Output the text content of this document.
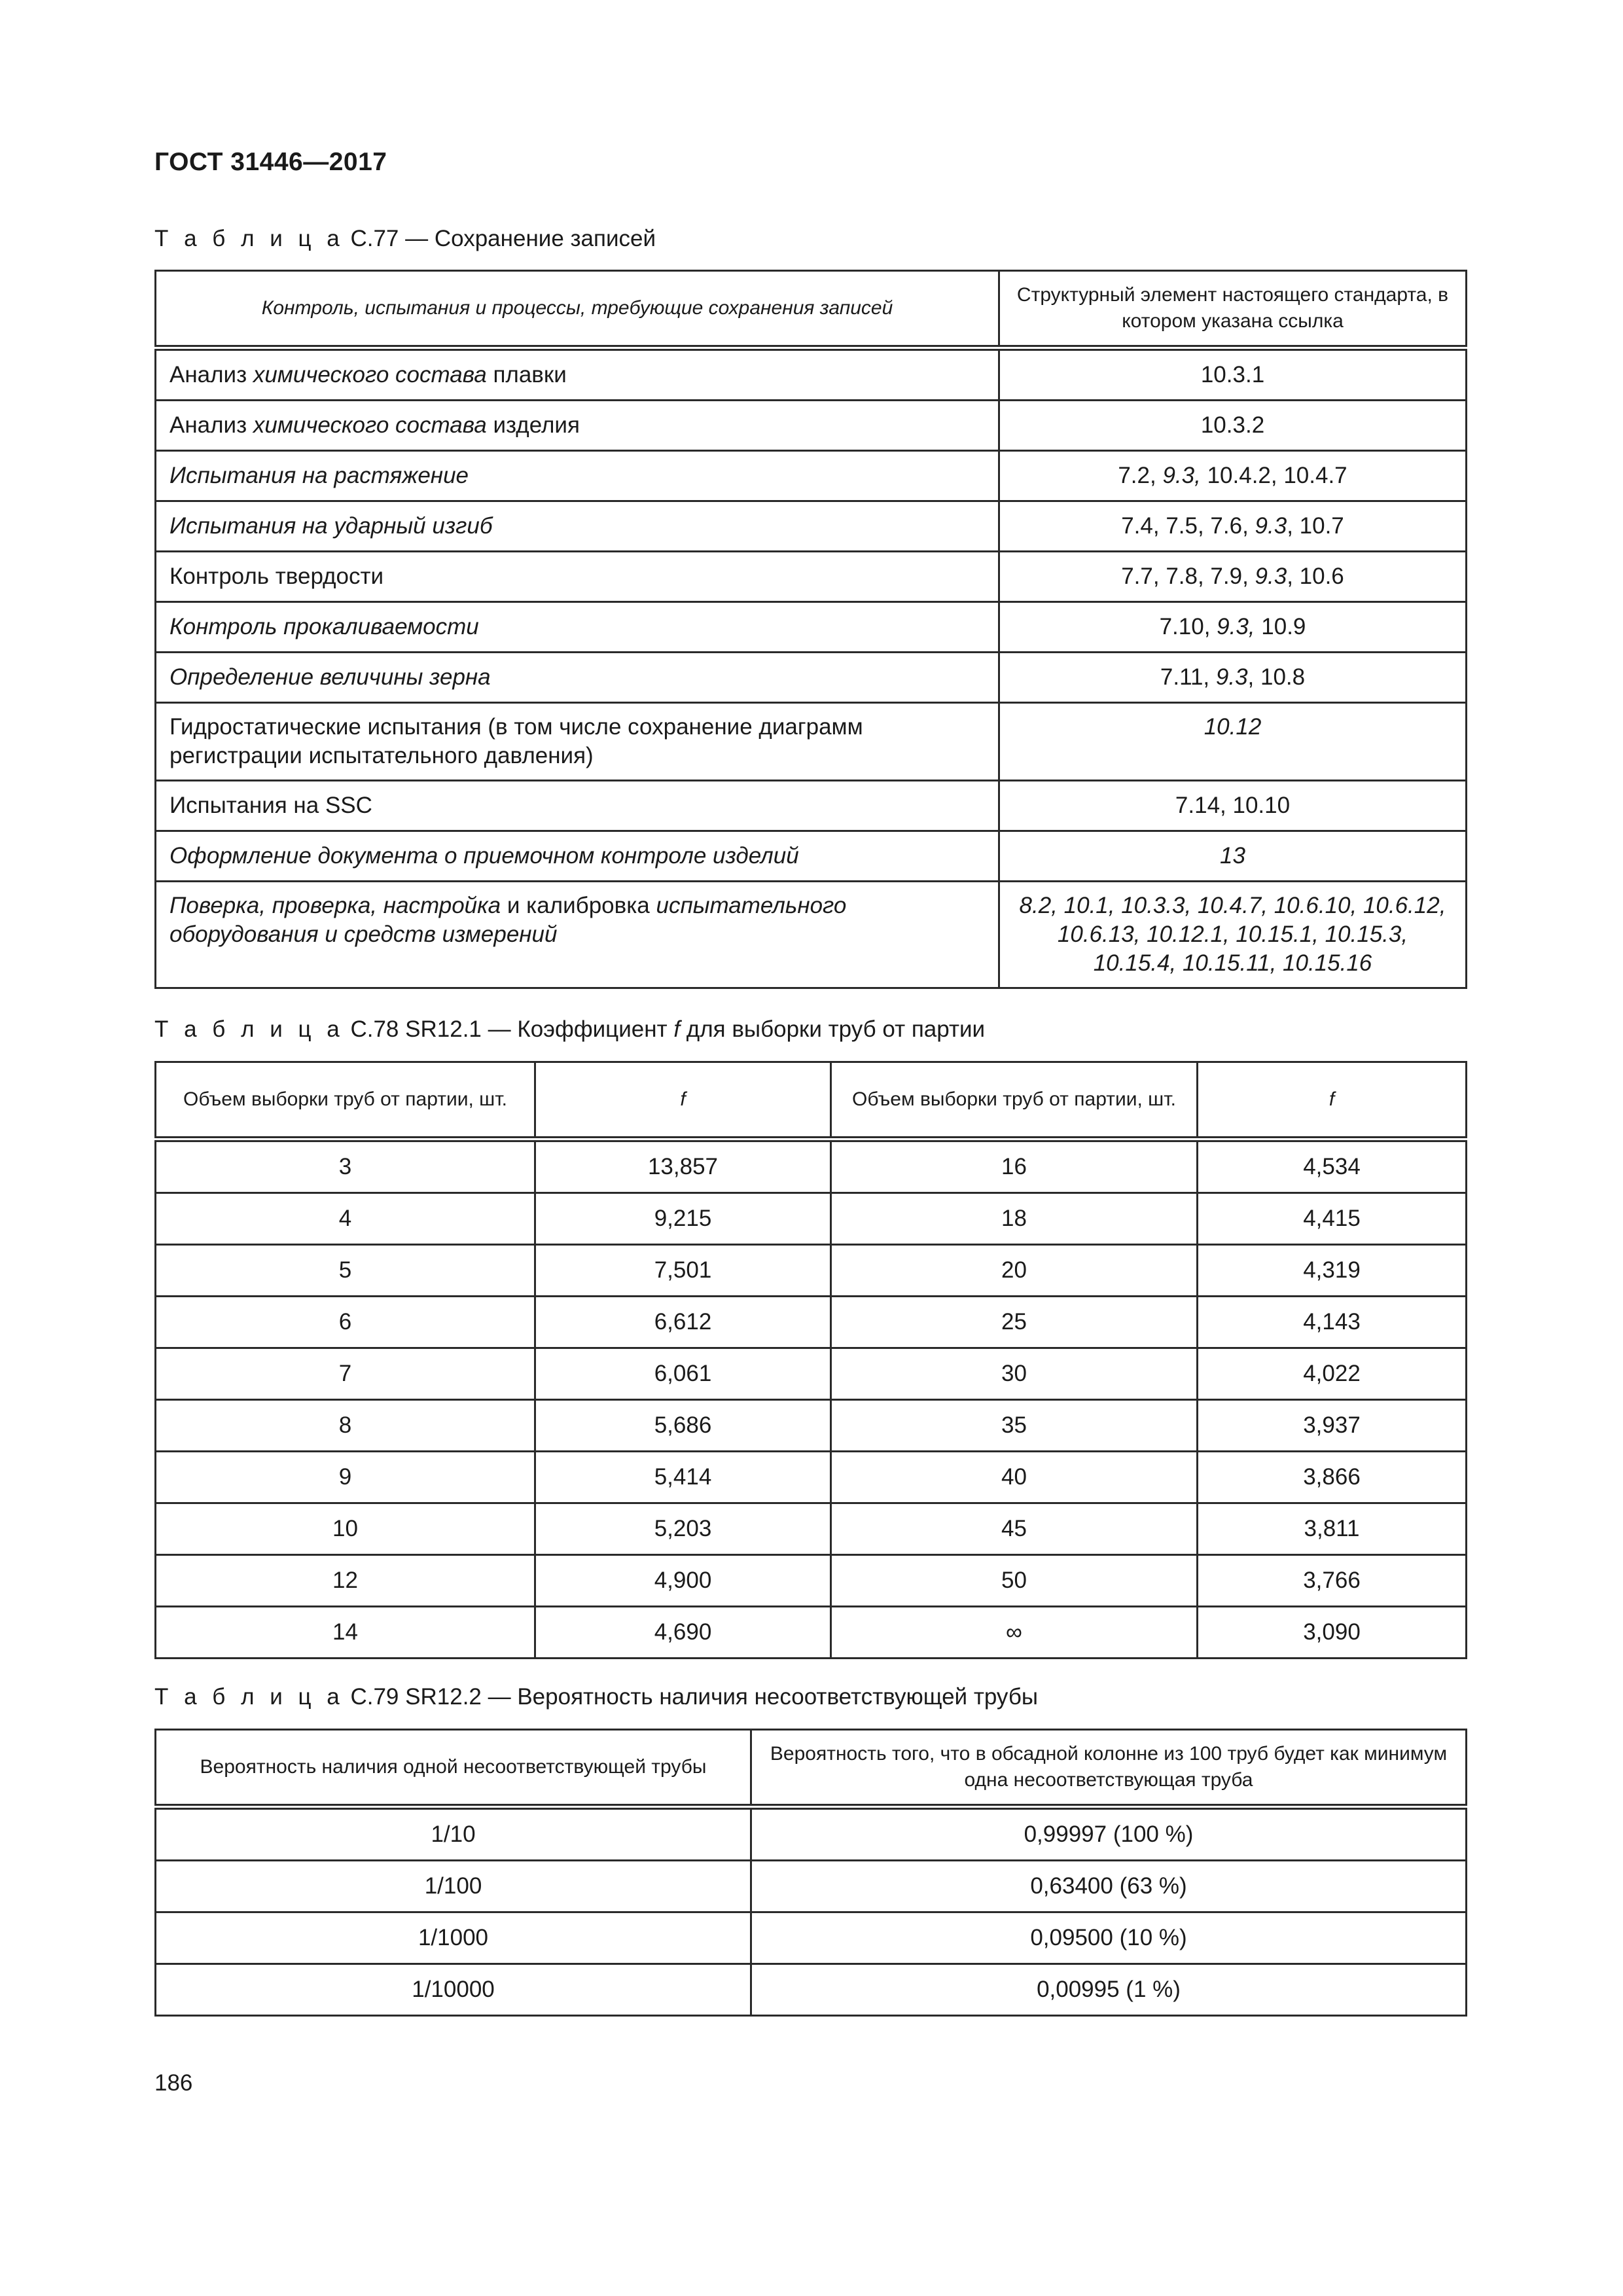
ГОСТ 31446—2017
Т а б л и ц а С.77 — Сохранение записей
Контроль, испытания и процессы, требующие сохранения записей	Структурный элемент настоящего стандарта, в котором указана ссылка
Анализ химического состава плавки	10.3.1
Анализ химического состава изделия	10.3.2
Испытания на растяжение	7.2, 9.3, 10.4.2, 10.4.7
Испытания на ударный изгиб	7.4, 7.5, 7.6, 9.3, 10.7
Контроль твердости	7.7, 7.8, 7.9, 9.3, 10.6
Контроль прокаливаемости	7.10, 9.3, 10.9
Определение величины зерна	7.11, 9.3, 10.8
Гидростатические испытания (в том числе сохранение диаграмм регистрации испытательного давления)	10.12
Испытания на SSC	7.14, 10.10
Оформление документа о приемочном контроле изделий	13
Поверка, проверка, настройка и калибровка испытательного оборудования и средств измерений	8.2, 10.1, 10.3.3, 10.4.7, 10.6.10, 10.6.12, 10.6.13, 10.12.1, 10.15.1, 10.15.3, 10.15.4, 10.15.11, 10.15.16
Т а б л и ц а С.78 SR12.1 — Коэффициент f для выборки труб от партии
Объем выборки труб от партии, шт.	f	Объем выборки труб от партии, шт.	f
3	13,857	16	4,534
4	9,215	18	4,415
5	7,501	20	4,319
6	6,612	25	4,143
7	6,061	30	4,022
8	5,686	35	3,937
9	5,414	40	3,866
10	5,203	45	3,811
12	4,900	50	3,766
14	4,690	∞	3,090
Т а б л и ц а С.79 SR12.2 — Вероятность наличия несоответствующей трубы
Вероятность наличия одной несоответствующей трубы	Вероятность того, что в обсадной колонне из 100 труб будет как минимум одна несоответствующая труба
1/10	0,99997 (100 %)
1/100	0,63400 (63 %)
1/1000	0,09500 (10 %)
1/10000	0,00995 (1 %)
186
